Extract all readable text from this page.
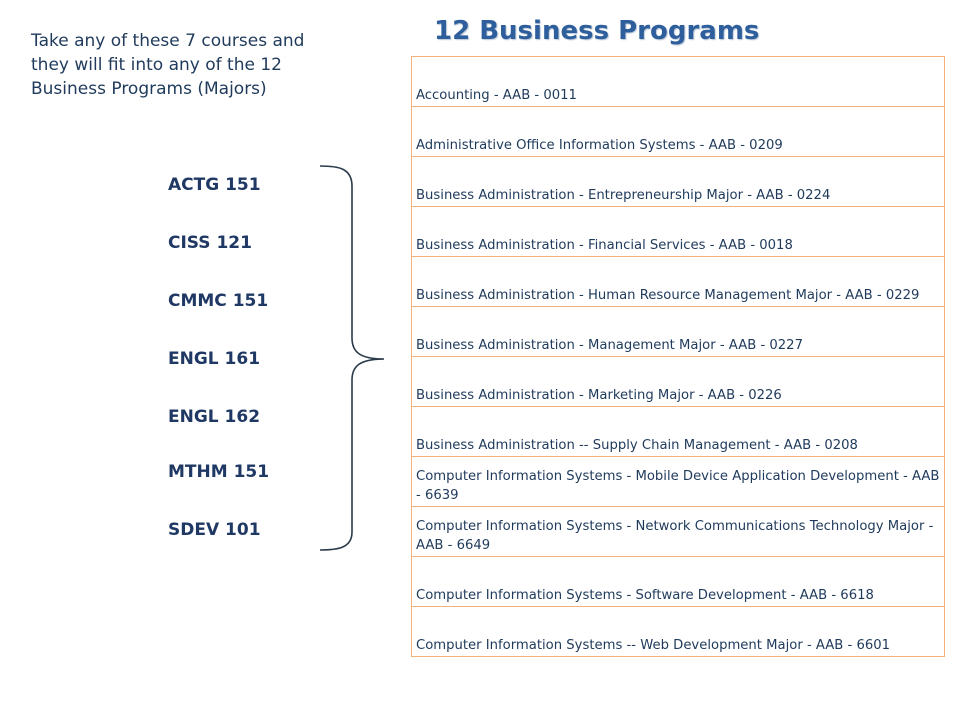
12 Business Programs
Take any of these 7 courses and they will fit into any of the 12 Business Programs (Majors)
ACTG 151
CISS 121
CMMC 151
ENGL 161
ENGL 162
MTHM 151
SDEV 101
Accounting - AAB - 0011
Administrative Office Information Systems - AAB - 0209
Business Administration - Entrepreneurship Major - AAB - 0224
Business Administration - Financial Services - AAB - 0018
Business Administration - Human Resource Management Major - AAB - 0229
Business Administration - Management Major - AAB - 0227
Business Administration - Marketing Major - AAB - 0226
Business Administration -- Supply Chain Management - AAB - 0208
Computer Information Systems - Mobile Device Application Development - AAB - 6639
Computer Information Systems - Network Communications Technology Major - AAB - 6649
Computer Information Systems - Software Development - AAB - 6618
Computer Information Systems -- Web Development Major - AAB - 6601
